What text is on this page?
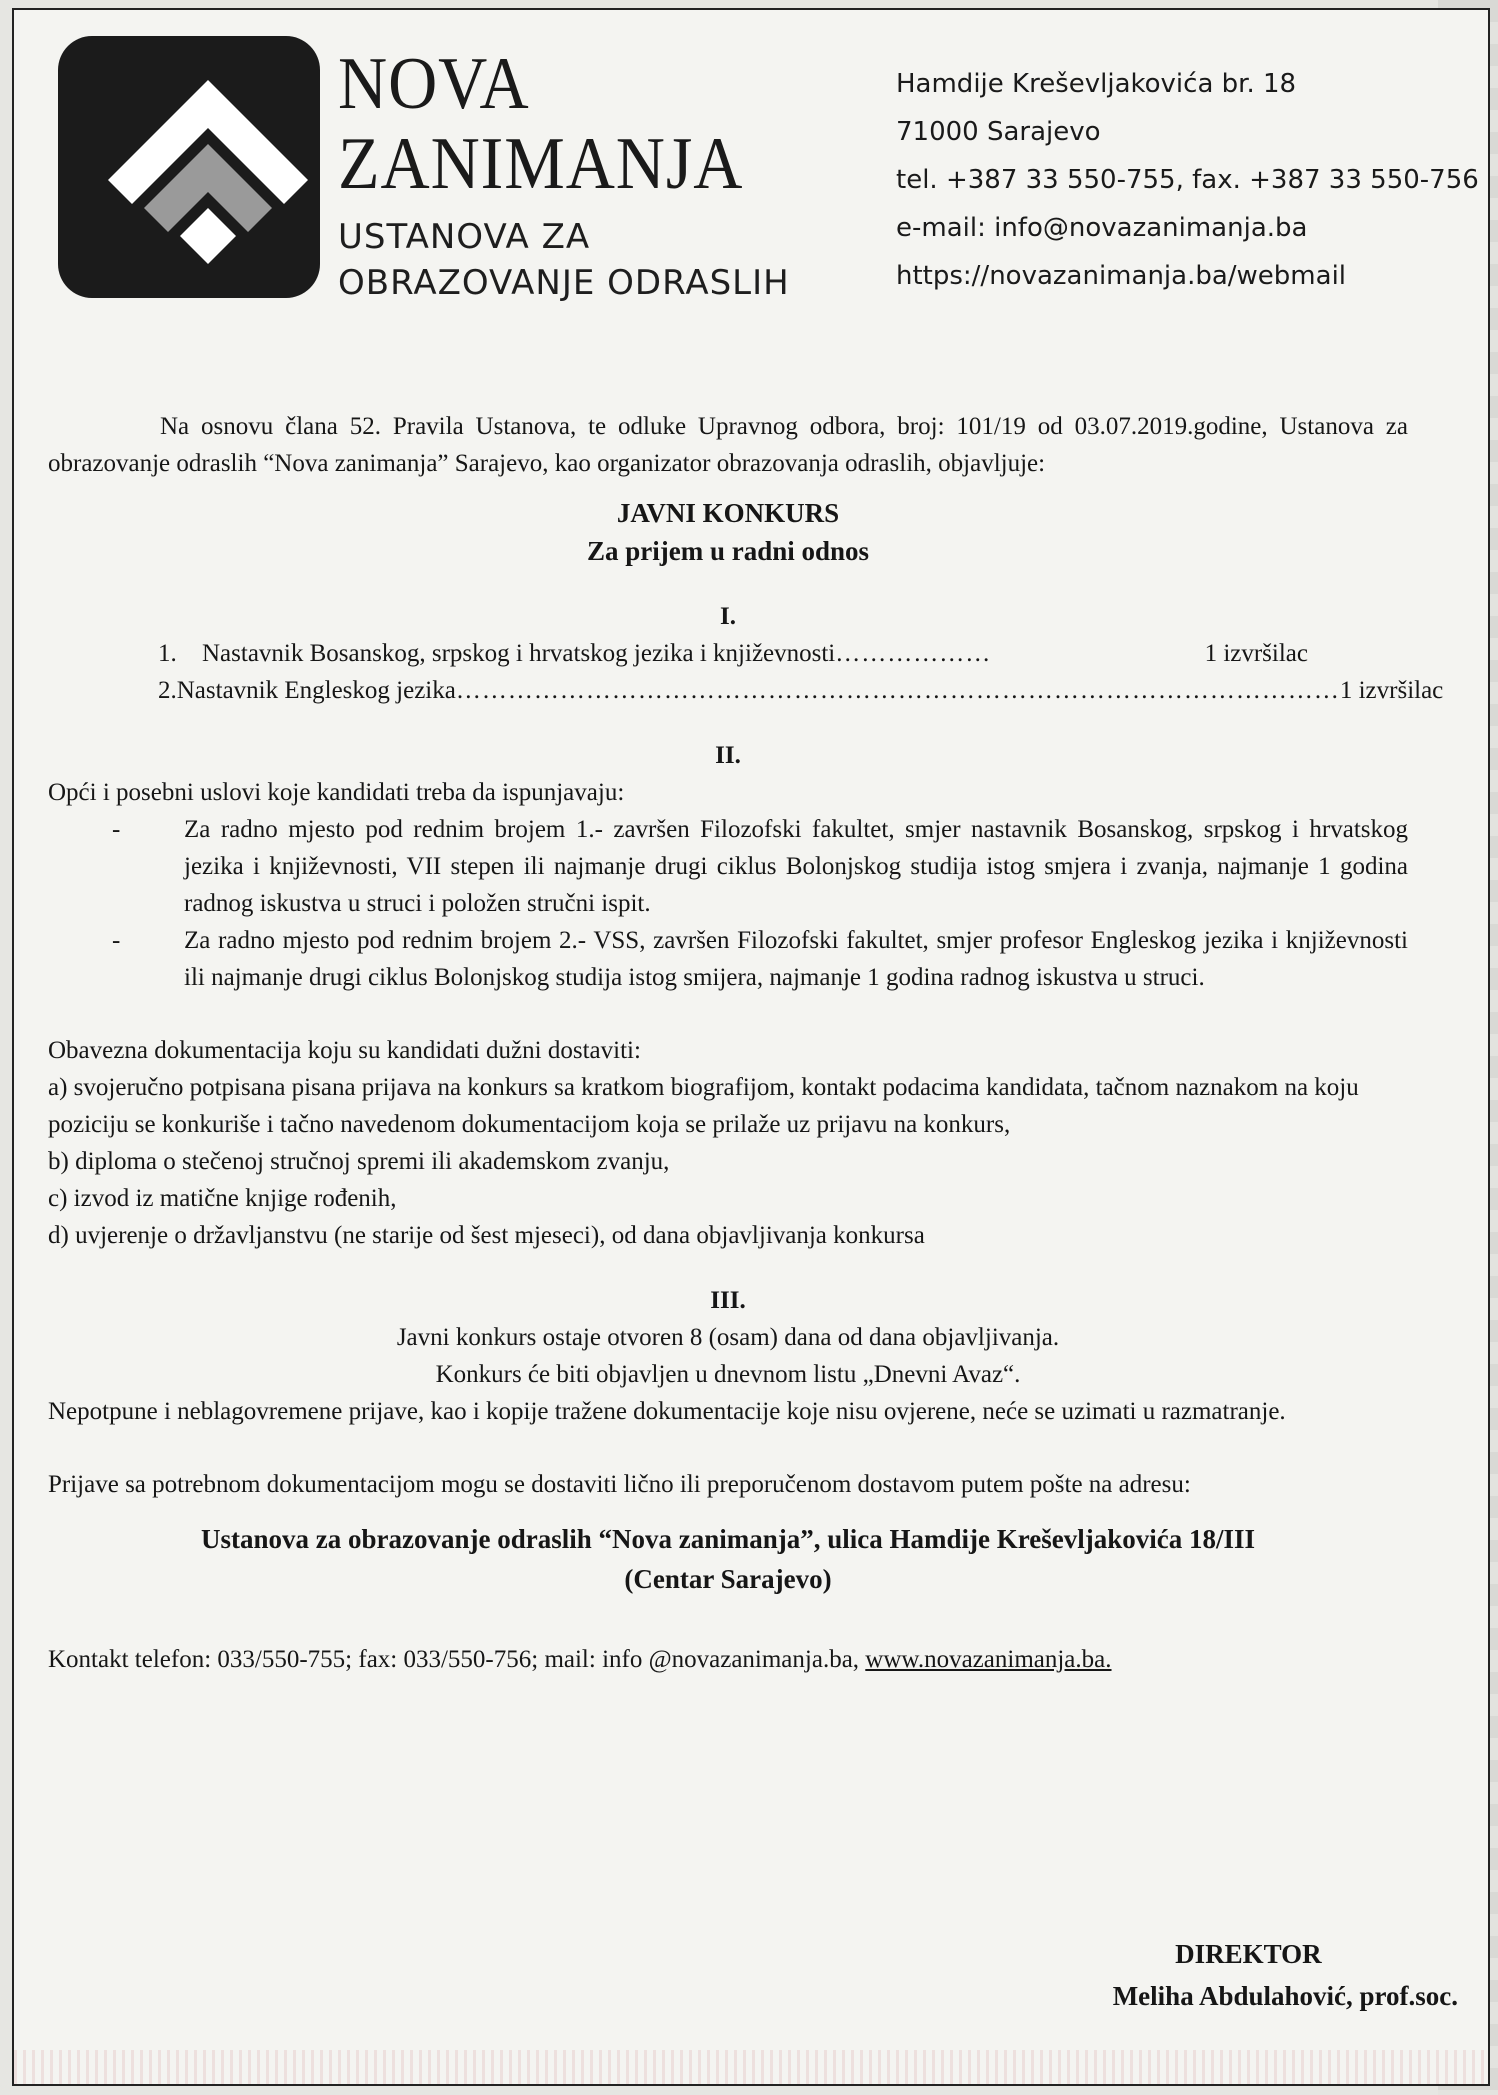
NOVA
ZANIMANJA
USTANOVA ZA
OBRAZOVANJE ODRASLIH
Hamdije Kreševljakovića br. 18
71000 Sarajevo
tel. +387 33 550-755, fax. +387 33 550-756
e-mail: info@novazanimanja.ba
https://novazanimanja.ba/webmail

Na osnovu člana 52. Pravila Ustanova, te odluke Upravnog odbora, broj: 101/19 od 03.07.2019.godine, Ustanova za obrazovanje odraslih “Nova zanimanja” Sarajevo, kao organizator obrazovanja odraslih, objavljuje:

JAVNI KONKURS
Za prijem u radni odnos
I.
1.	Nastavnik Bosanskog, srpskog i hrvatskog jezika i književnosti ………………	1 izvršilac
2. Nastavnik Engleskog jezika ………………………………………………………………………………………… 1 izvršilac
II.

Opći i posebni uslovi koje kandidati treba da ispunjavaju:

- Za radno mjesto pod rednim brojem 1.- završen Filozofski fakultet, smjer nastavnik Bosanskog, srpskog i hrvatskog jezika i književnosti, VII stepen ili najmanje drugi ciklus Bolonjskog studija istog smjera i zvanja, najmanje 1 godina radnog iskustva u struci i položen stručni ispit.
- Za radno mjesto pod rednim brojem 2.- VSS, završen Filozofski fakultet, smjer profesor Engleskog jezika i književnosti ili najmanje drugi ciklus Bolonjskog studija istog smijera, najmanje 1 godina radnog iskustva u struci.

Obavezna dokumentacija koju su kandidati dužni dostaviti:

a) svojeručno potpisana pisana prijava na konkurs sa kratkom biografijom, kontakt podacima kandidata, tačnom naznakom na koju poziciju se konkuriše i tačno navedenom dokumentacijom koja se prilaže uz prijavu na konkurs,
b) diploma o stečenoj stručnoj spremi ili akademskom zvanju,
c) izvod iz matične knjige rođenih,
d) uvjerenje o državljanstvu (ne starije od šest mjeseci), od dana objavljivanja konkursa
III.

Javni konkurs ostaje otvoren 8 (osam) dana od dana objavljivanja.

Konkurs će biti objavljen u dnevnom listu „Dnevni Avaz“.

Nepotpune i neblagovremene prijave, kao i kopije tražene dokumentacije koje nisu ovjerene, neće se uzimati u razmatranje.

Prijave sa potrebnom dokumentacijom mogu se dostaviti lično ili preporučenom dostavom putem pošte na adresu:

Ustanova za obrazovanje odraslih “Nova zanimanja”, ulica Hamdije Kreševljakovića 18/III
(Centar Sarajevo)

Kontakt telefon: 033/550-755; fax: 033/550-756; mail: info @novazanimanja.ba, www.novazanimanja.ba.

DIREKTOR
Meliha Abdulahović, prof.soc.
